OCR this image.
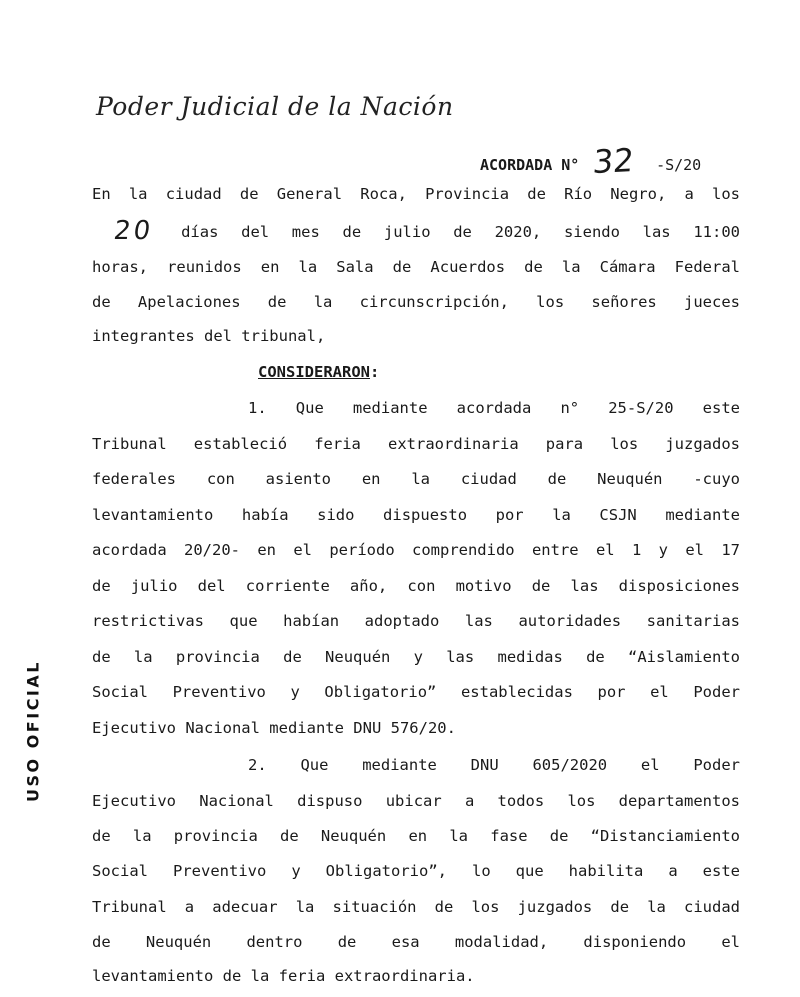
Poder Judicial de la Nación
ACORDADA N° 32 -S/20
En la ciudad de General Roca, Provincia de Río Negro, a los
20 días del mes de julio de 2020, siendo las 11:00
horas, reunidos en la Sala de Acuerdos de la Cámara Federal
de Apelaciones de la circunscripción, los señores jueces
integrantes del tribunal,
CONSIDERARON:
1. Que mediante acordada n° 25-S/20 este
Tribunal estableció feria extraordinaria para los juzgados
federales con asiento en la ciudad de Neuquén -cuyo
levantamiento había sido dispuesto por la CSJN mediante
acordada 20/20- en el período comprendido entre el 1 y el 17
de julio del corriente año, con motivo de las disposiciones
restrictivas que habían adoptado las autoridades sanitarias
de la provincia de Neuquén y las medidas de “Aislamiento
Social Preventivo y Obligatorio” establecidas por el Poder
Ejecutivo Nacional mediante DNU 576/20.
2. Que mediante DNU 605/2020 el Poder
Ejecutivo Nacional dispuso ubicar a todos los departamentos
de la provincia de Neuquén en la fase de “Distanciamiento
Social Preventivo y Obligatorio”, lo que habilita a este
Tribunal a adecuar la situación de los juzgados de la ciudad
de Neuquén dentro de esa modalidad, disponiendo el
levantamiento de la feria extraordinaria.
USO OFICIAL
